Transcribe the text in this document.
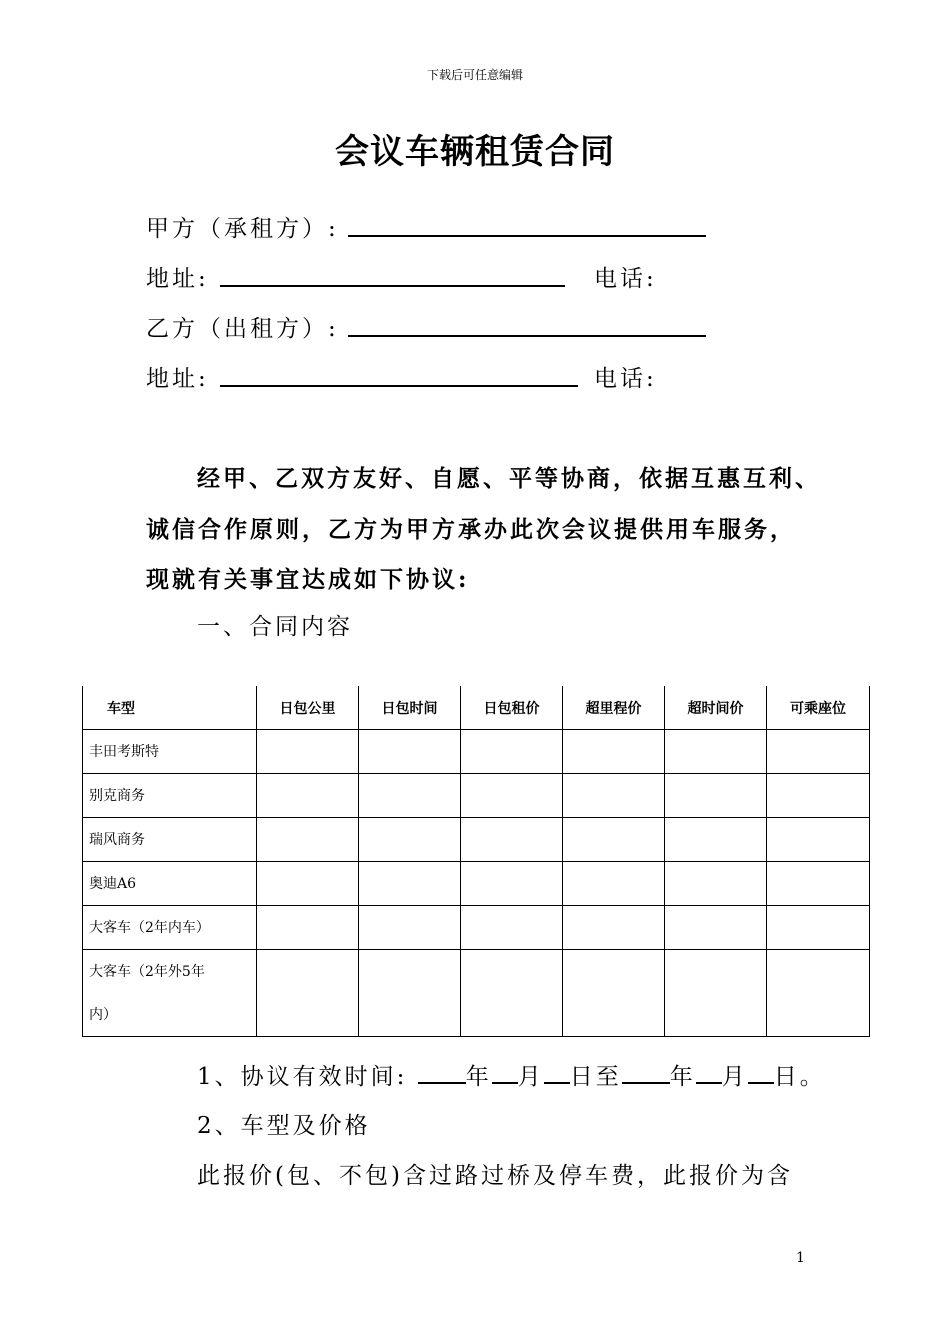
下载后可任意编辑
会议车辆租赁合同
甲方（承租方）:
地址:	电话:
乙方（出租方）:
地址:	电话:
经甲、乙双方友好、自愿、平等协商，依据互惠互利、
诚信合作原则，乙方为甲方承办此次会议提供用车服务，
现就有关事宜达成如下协议:
一、合同内容
车型	日包公里	日包时间	日包租价	超里程价	超时间价	可乘座位
丰田考斯特						
别克商务						
瑞风商务						
奥迪A6						
大客车（2年内车）						

大客车（2年外5年
内）						

1、协议有效时间:	年 月 日至 年 月 日。
2、车型及价格
此报价(包、不包)含过路过桥及停车费，此报价为含
1
